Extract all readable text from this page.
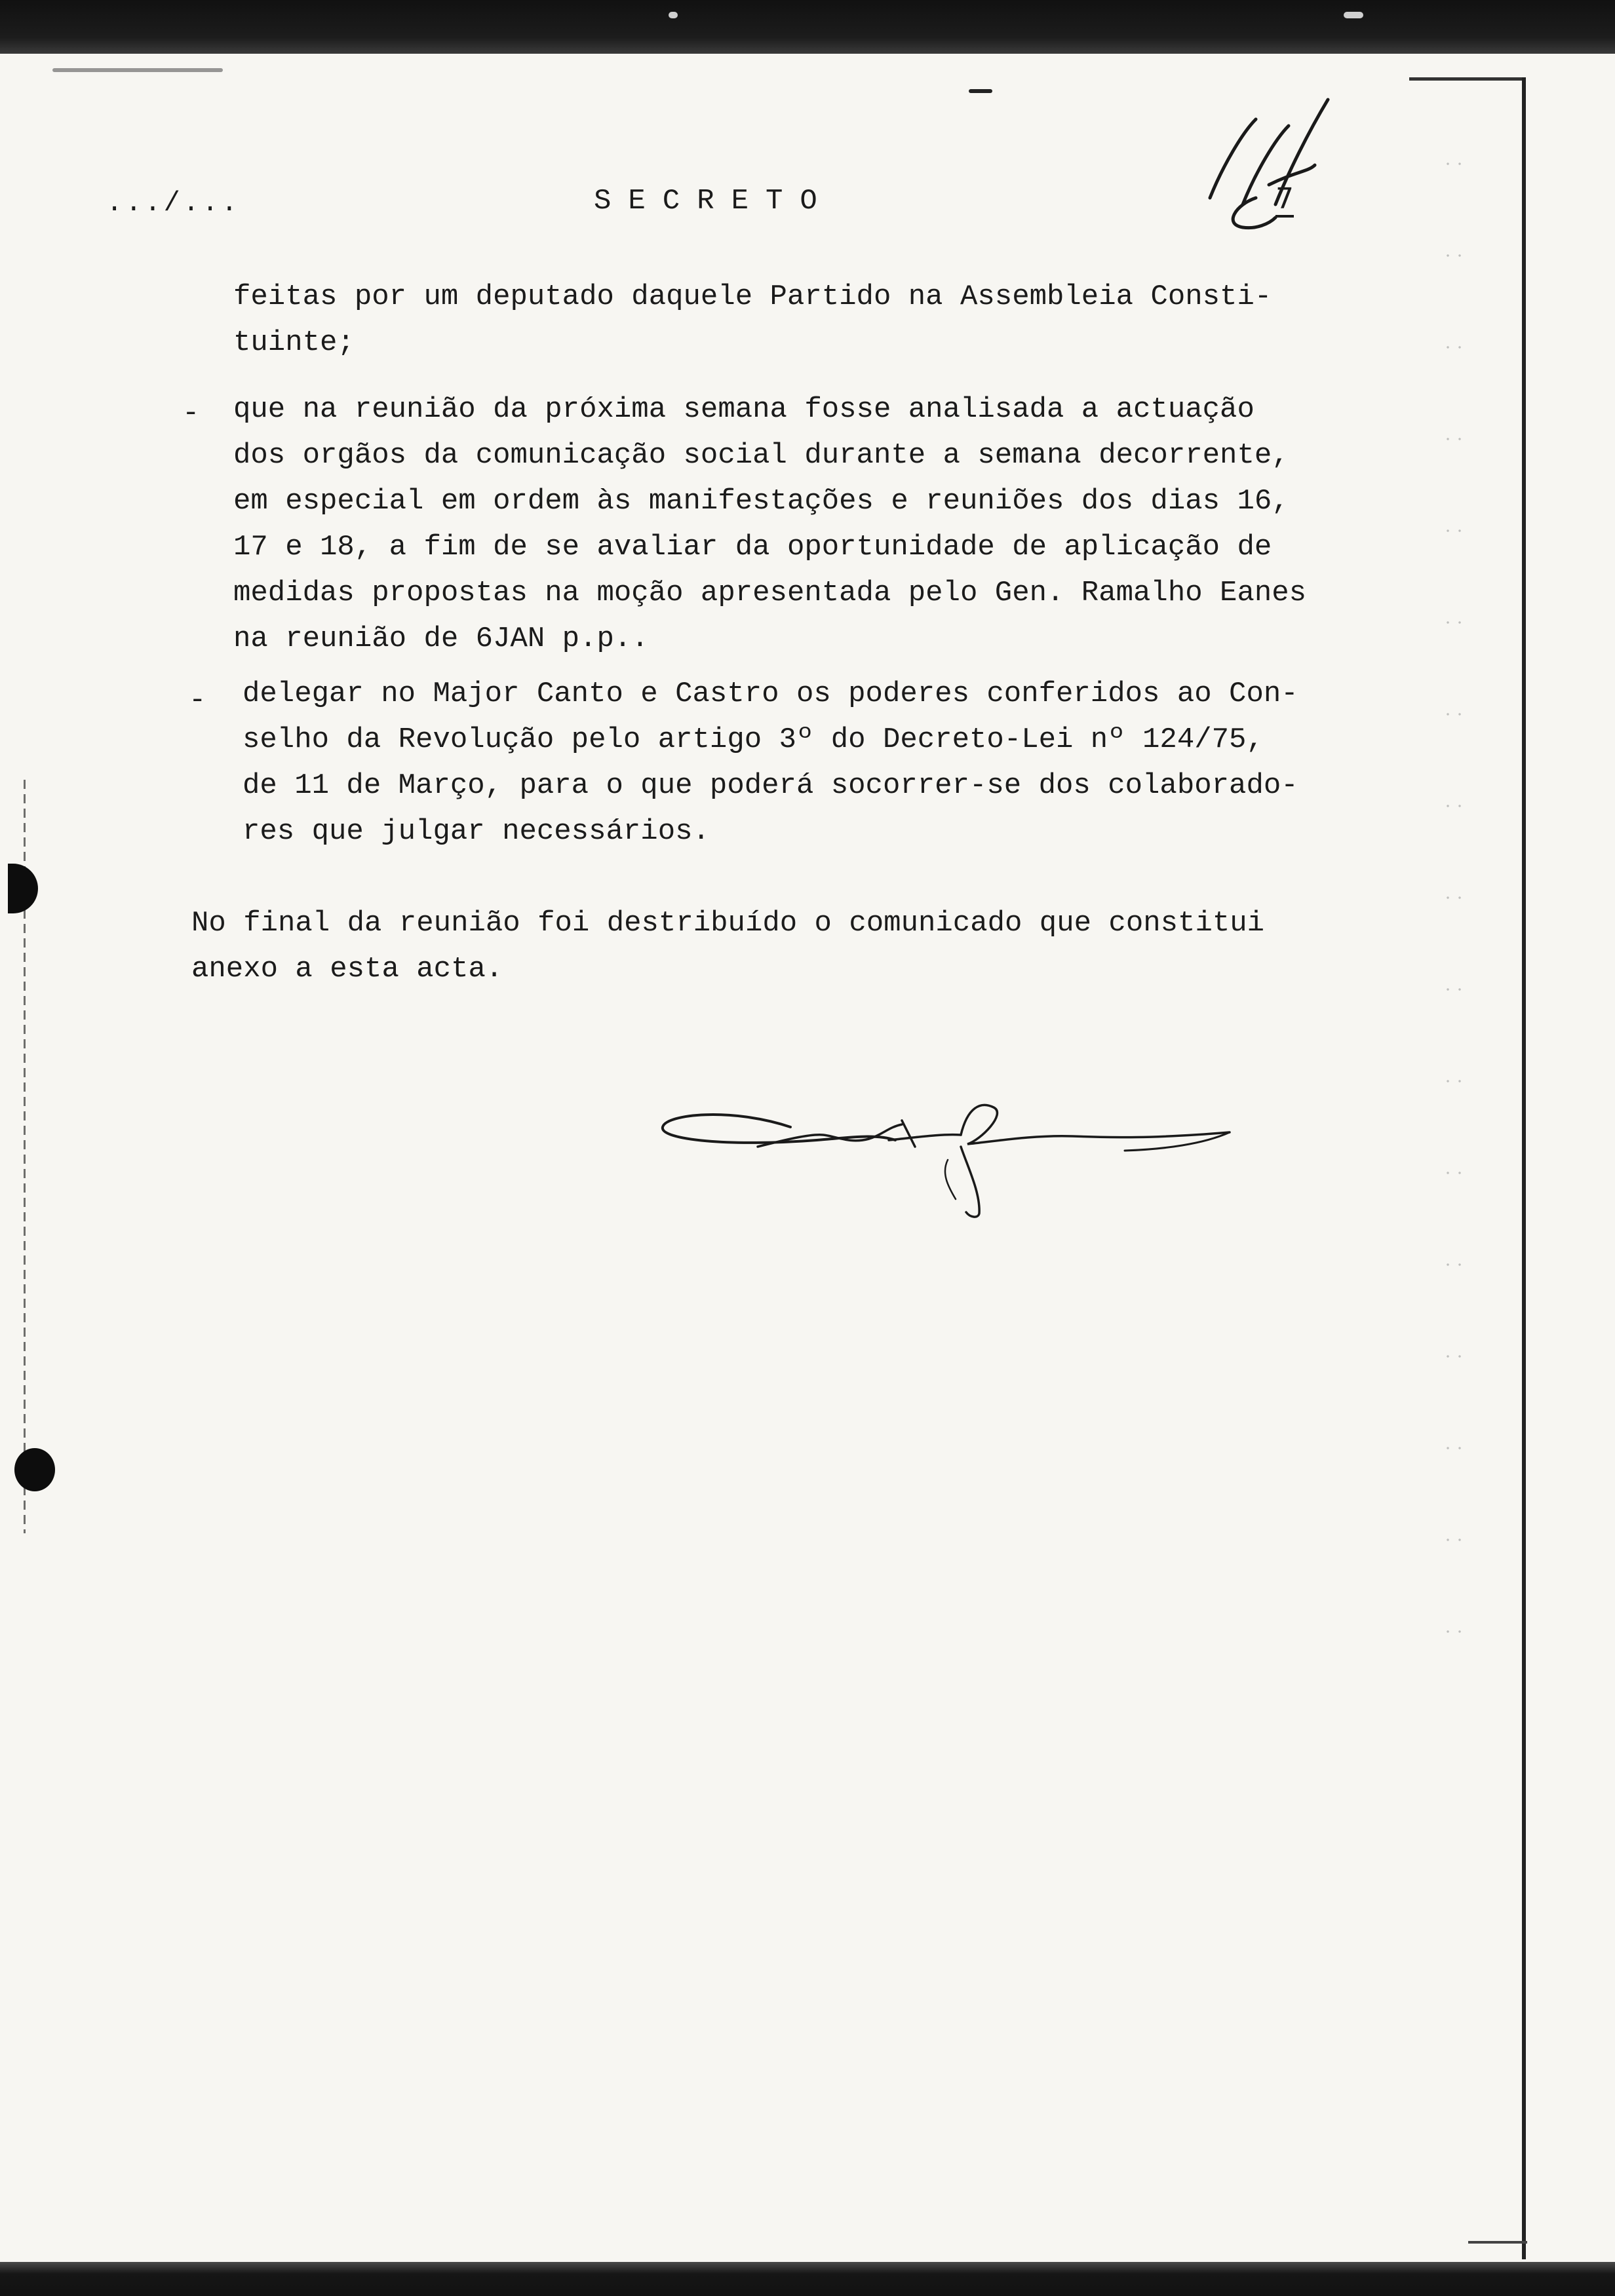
.../...	SECRETO	7
feitas por um deputado daquele Partido na Assembleia Consti-
tuinte;
- que na reunião da próxima semana fosse analisada a actuação
dos orgãos da comunicação social durante a semana decorrente,
em especial em ordem às manifestações e reuniões dos dias 16,
17 e 18, a fim de se avaliar da oportunidade de aplicação de
medidas propostas na moção apresentada pelo Gen. Ramalho Eanes
na reunião de 6JAN p.p..
- delegar no Major Canto e Castro os poderes conferidos ao Con-
selho da Revolução pelo artigo 3º do Decreto-Lei nº 124/75,
de 11 de Março, para o que poderá socorrer-se dos colaborado-
res que julgar necessários.
No final da reunião foi destribuído o comunicado que constitui
anexo a esta acta.
